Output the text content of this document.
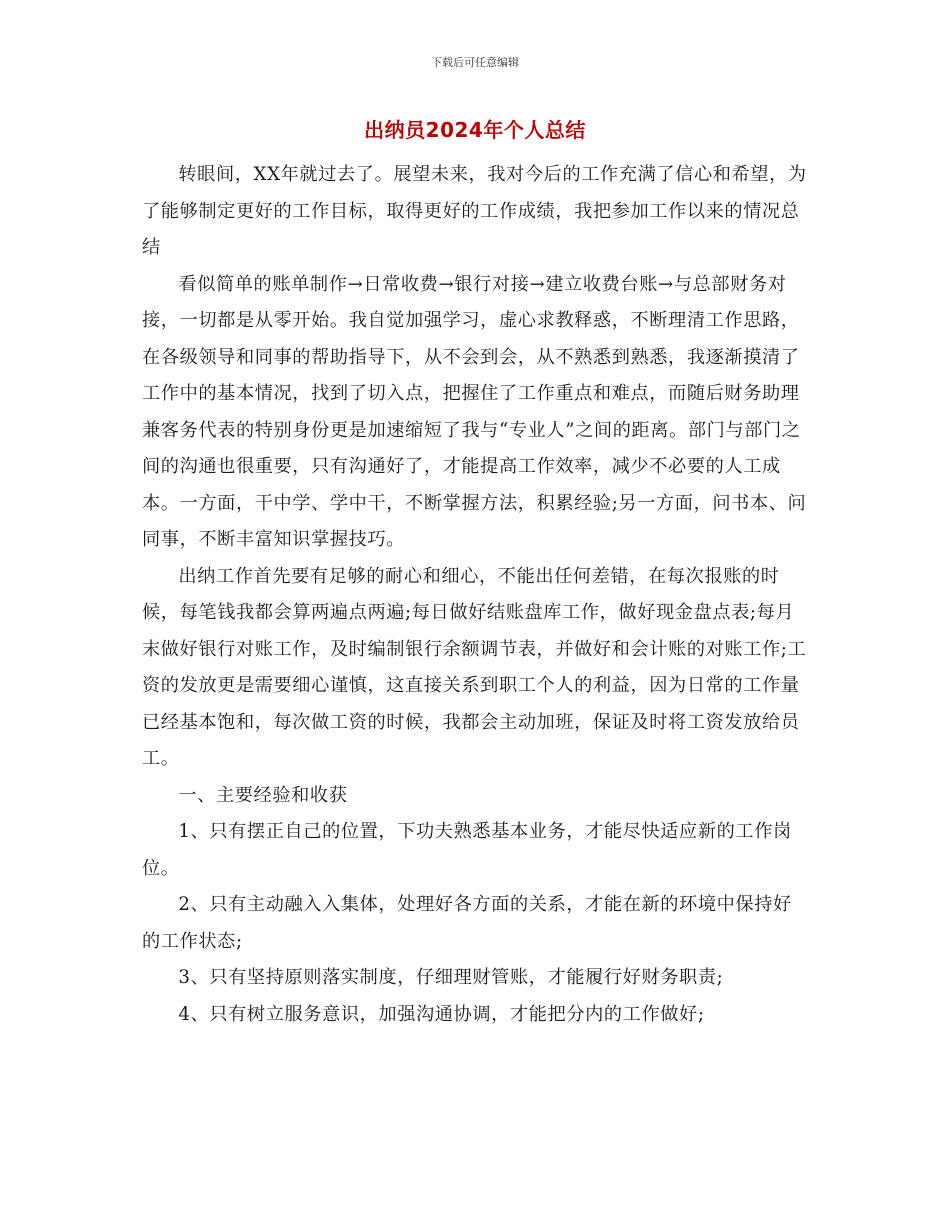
下载后可任意编辑
出纳员2024年个人总结

转眼间，XX年就过去了。展望未来，我对今后的工作充满了信心和希望，为了能够制定更好的工作目标，取得更好的工作成绩，我把参加工作以来的情况总结

看似简单的账单制作→日常收费→银行对接→建立收费台账→与总部财务对接，一切都是从零开始。我自觉加强学习，虚心求教释惑，不断理清工作思路，在各级领导和同事的帮助指导下，从不会到会，从不熟悉到熟悉，我逐渐摸清了工作中的基本情况，找到了切入点，把握住了工作重点和难点，而随后财务助理兼客务代表的特别身份更是加速缩短了我与“专业人”之间的距离。部门与部门之间的沟通也很重要，只有沟通好了，才能提高工作效率，减少不必要的人工成本。一方面，干中学、学中干，不断掌握方法，积累经验;另一方面，问书本、问同事，不断丰富知识掌握技巧。

出纳工作首先要有足够的耐心和细心，不能出任何差错，在每次报账的时候，每笔钱我都会算两遍点两遍;每日做好结账盘库工作，做好现金盘点表;每月末做好银行对账工作，及时编制银行余额调节表，并做好和会计账的对账工作;工资的发放更是需要细心谨慎，这直接关系到职工个人的利益，因为日常的工作量已经基本饱和，每次做工资的时候，我都会主动加班，保证及时将工资发放给员工。

一、主要经验和收获

1、只有摆正自己的位置，下功夫熟悉基本业务，才能尽快适应新的工作岗位。

2、只有主动融入入集体，处理好各方面的关系，才能在新的环境中保持好的工作状态;

3、只有坚持原则落实制度，仔细理财管账，才能履行好财务职责;

4、只有树立服务意识，加强沟通协调，才能把分内的工作做好;
